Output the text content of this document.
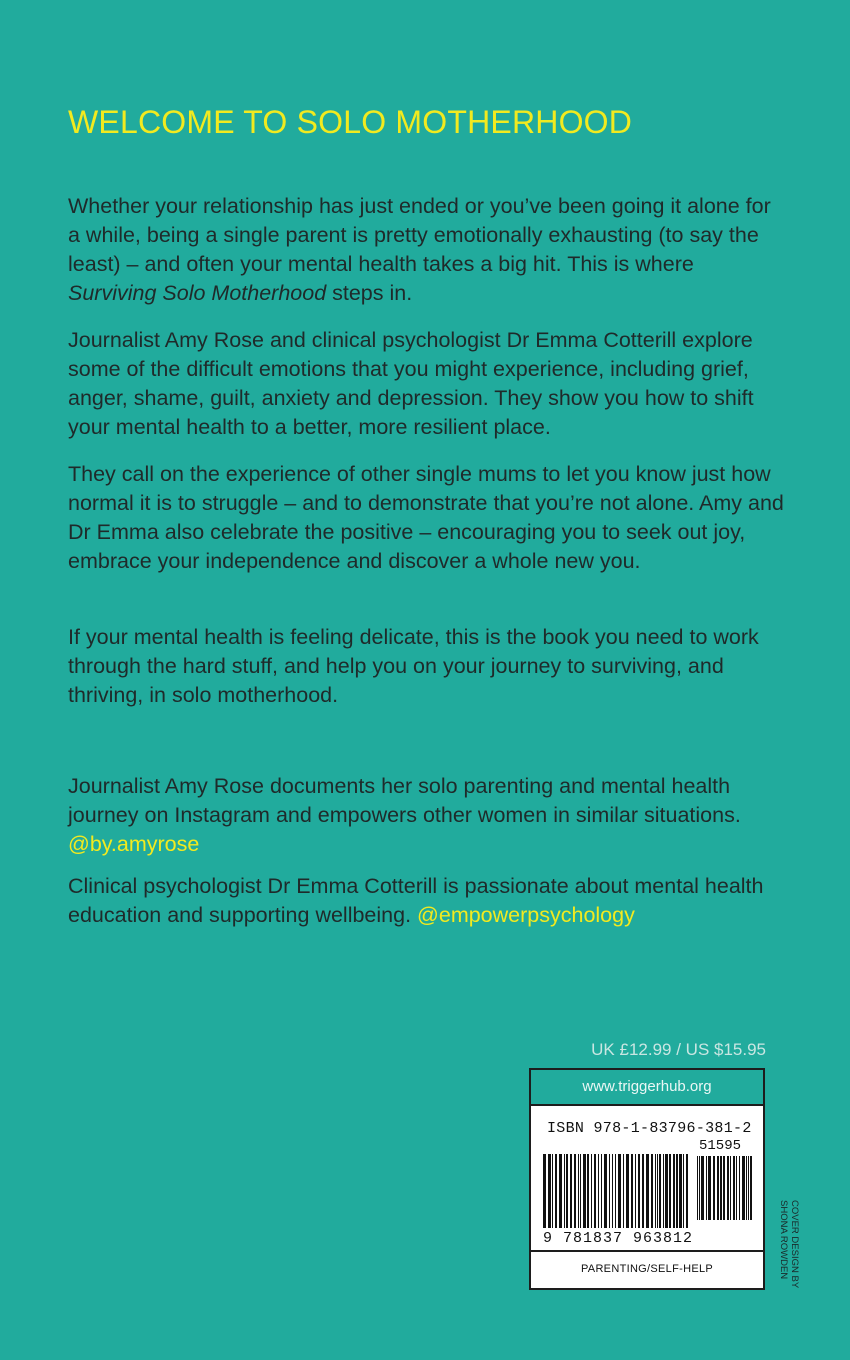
WELCOME TO SOLO MOTHERHOOD

Whether your relationship has just ended or you’ve been going it alone for a while, being a single parent is pretty emotionally exhausting (to say the least) – and often your mental health takes a big hit. This is where Surviving Solo Motherhood steps in.

Journalist Amy Rose and clinical psychologist Dr Emma Cotterill explore some of the difficult emotions that you might experience, including grief, anger, shame, guilt, anxiety and depression. They show you how to shift your mental health to a better, more resilient place.

They call on the experience of other single mums to let you know just how normal it is to struggle – and to demonstrate that you’re not alone. Amy and Dr Emma also celebrate the positive – encouraging you to seek out joy, embrace your independence and discover a whole new you.

If your mental health is feeling delicate, this is the book you need to work through the hard stuff, and help you on your journey to surviving, and thriving, in solo motherhood.

Journalist Amy Rose documents her solo parenting and mental health journey on Instagram and empowers other women in similar situations.
@by.amyrose

Clinical psychologist Dr Emma Cotterill is passionate about mental health education and supporting wellbeing. @empowerpsychology

UK £12.99 / US $15.95
www.triggerhub.org
ISBN 978-1-83796-381-2
51595
9 781837 963812
PARENTING/SELF-HELP	COVER DESIGN BY
SHONA ROWDEN
